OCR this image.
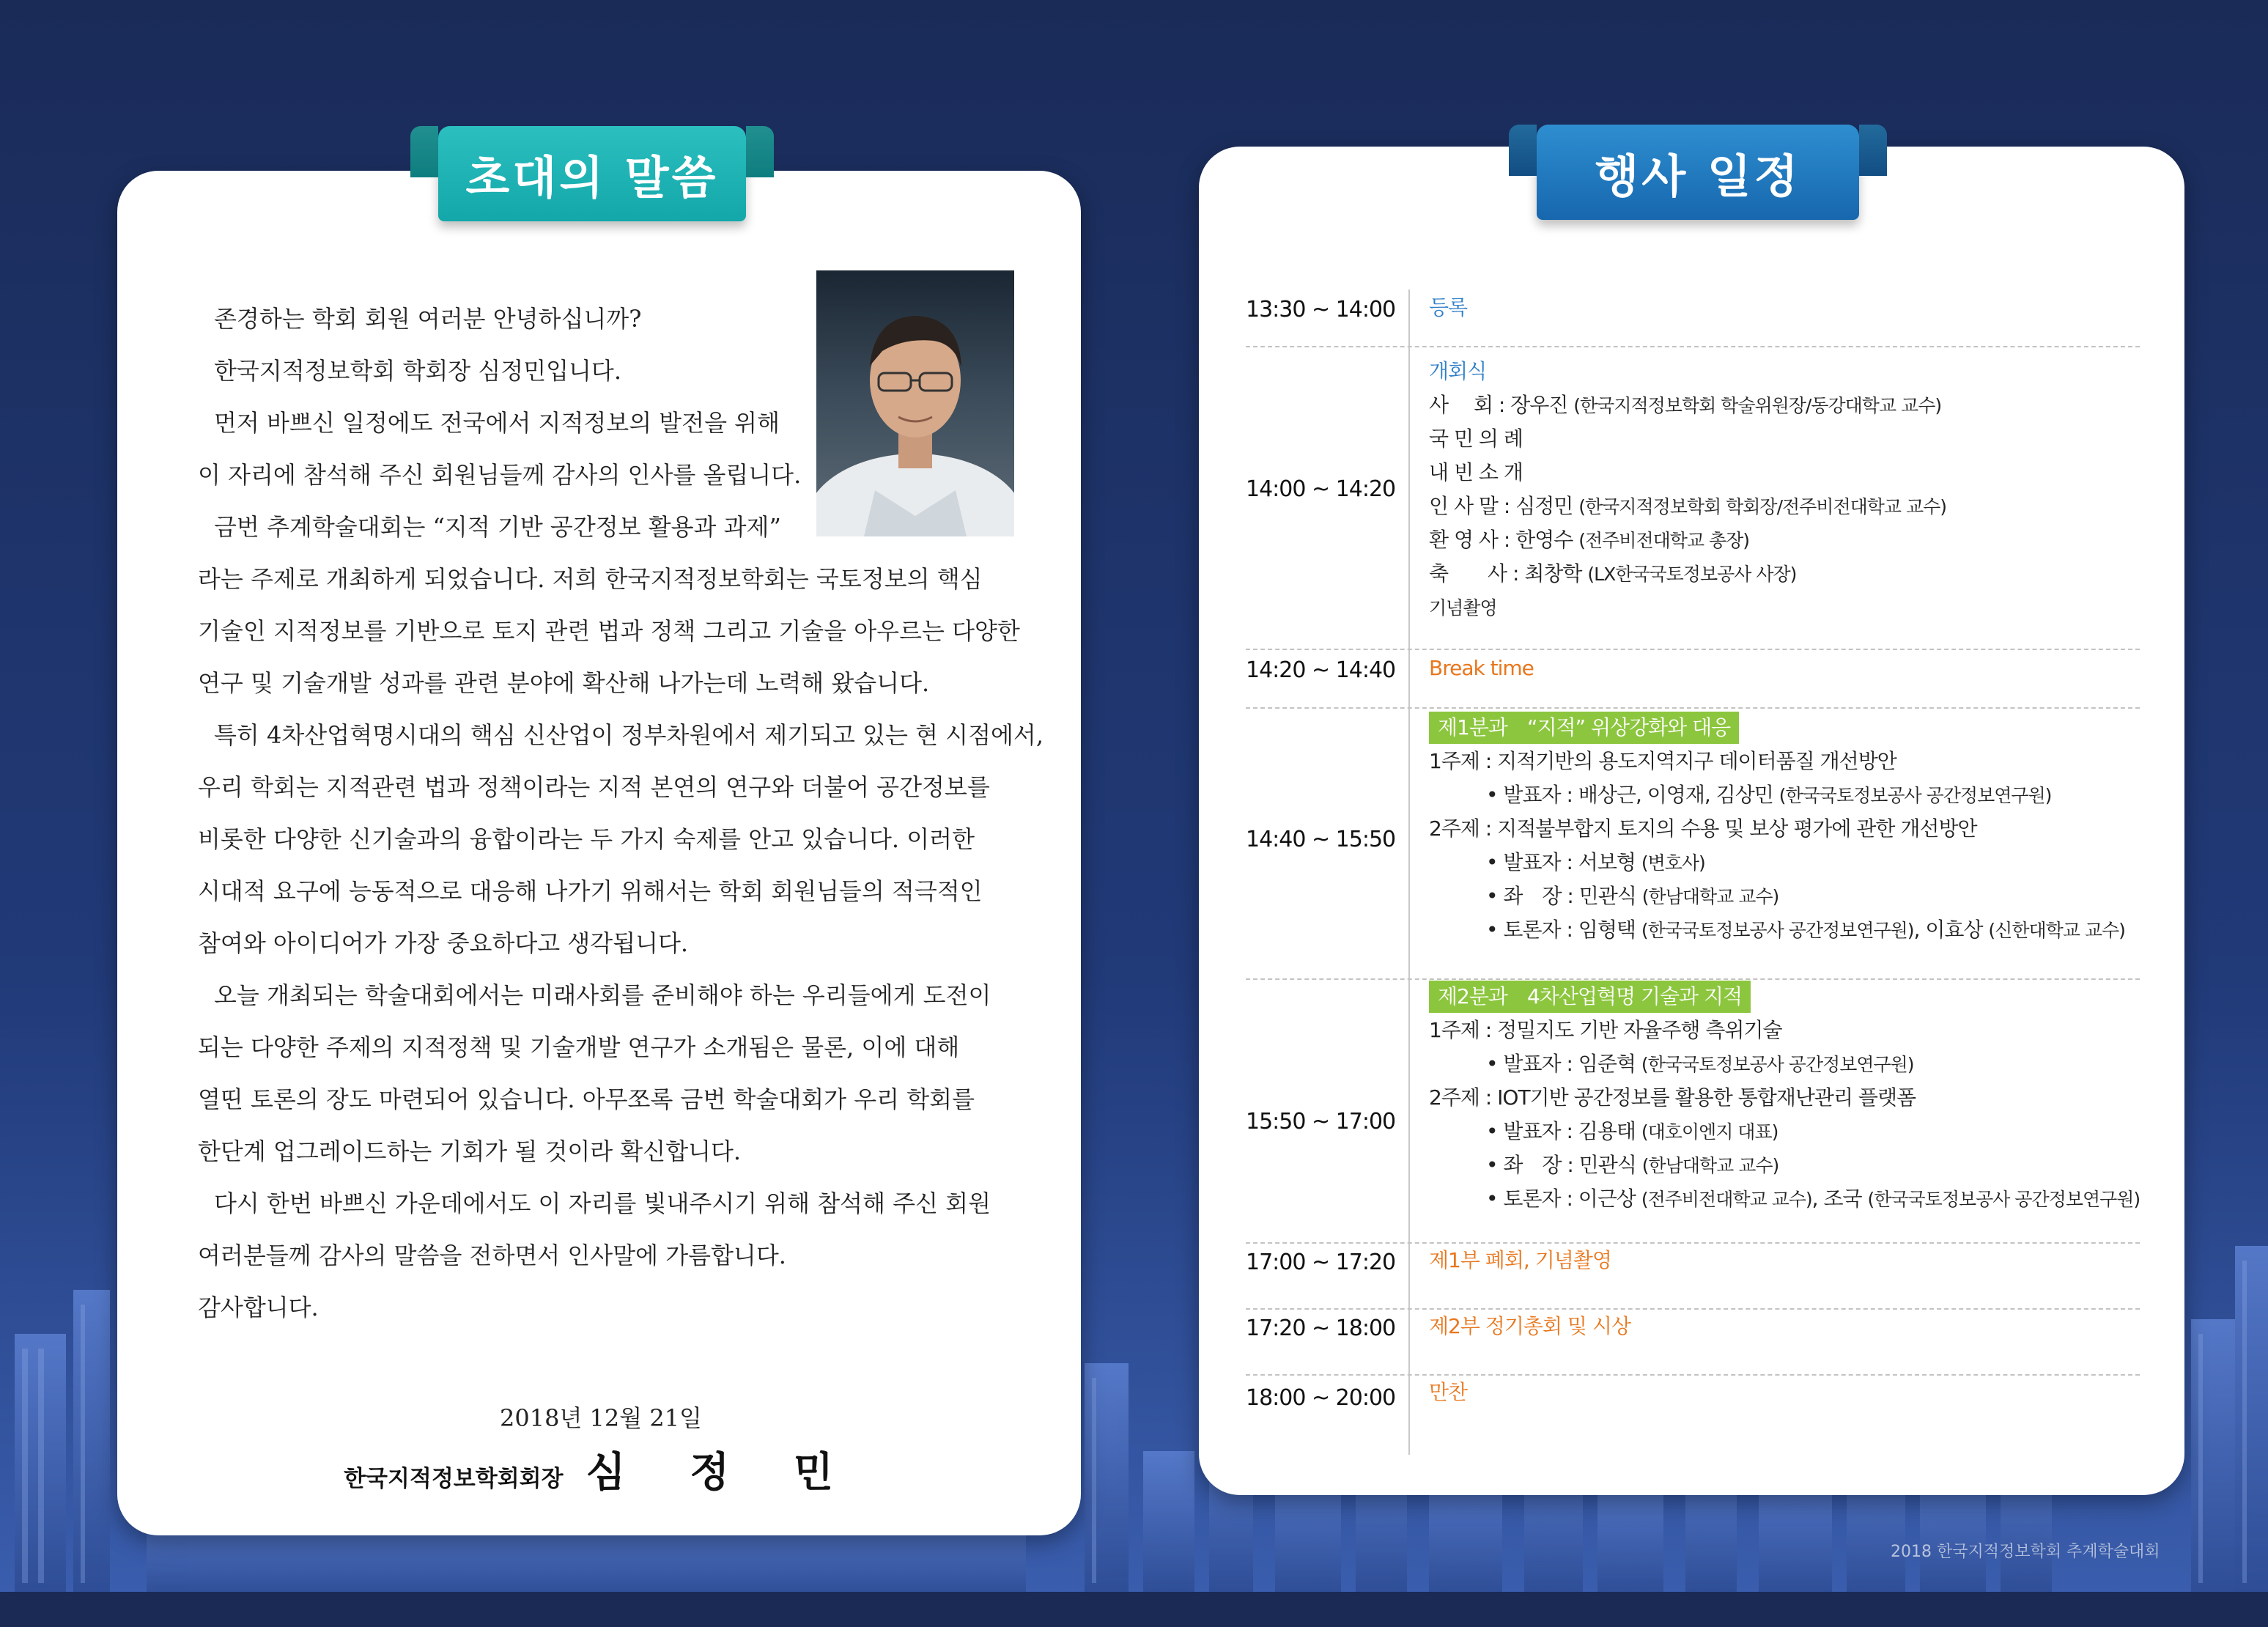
초대의 말씀

존경하는 학회 회원 여러분 안녕하십니까?

한국지적정보학회 학회장 심정민입니다.

먼저 바쁘신 일정에도 전국에서 지적정보의 발전을 위해

이 자리에 참석해 주신 회원님들께 감사의 인사를 올립니다.

금번 추계학술대회는 “지적 기반 공간정보 활용과 과제”

라는 주제로 개최하게 되었습니다. 저희 한국지적정보학회는 국토정보의 핵심

기술인 지적정보를 기반으로 토지 관련 법과 정책 그리고 기술을 아우르는 다양한

연구 및 기술개발 성과를 관련 분야에 확산해 나가는데 노력해 왔습니다.

특히 4차산업혁명시대의 핵심 신산업이 정부차원에서 제기되고 있는 현 시점에서,

우리 학회는 지적관련 법과 정책이라는 지적 본연의 연구와 더불어 공간정보를

비롯한 다양한 신기술과의 융합이라는 두 가지 숙제를 안고 있습니다. 이러한

시대적 요구에 능동적으로 대응해 나가기 위해서는 학회 회원님들의 적극적인

참여와 아이디어가 가장 중요하다고 생각됩니다.

오늘 개최되는 학술대회에서는 미래사회를 준비해야 하는 우리들에게 도전이

되는 다양한 주제의 지적정책 및 기술개발 연구가 소개됨은 물론, 이에 대해

열띤 토론의 장도 마련되어 있습니다. 아무쪼록 금번 학술대회가 우리 학회를

한단계 업그레이드하는 기회가 될 것이라 확신합니다.

다시 한번 바쁘신 가운데에서도 이 자리를 빛내주시기 위해 참석해 주신 회원

여러분들께 감사의 말씀을 전하면서 인사말에 가름합니다.

감사합니다.

2018년 12월 21일
한국지적정보학회회장 심 정 민
행사 일정
13:30 ~ 14:00 등록
14:00 ~ 14:20
개회식
사　 회 : 장우진 (한국지적정보학회 학술위원장/동강대학교 교수)
국 민 의 례
내 빈 소 개
인 사 말 : 심정민 (한국지적정보학회 학회장/전주비전대학교 교수)
환 영 사 : 한영수 (전주비전대학교 총장)
축　　사 : 최창학 (LX한국국토정보공사 사장)
기념촬영
14:20 ~ 14:40 Break time
14:40 ~ 15:50
제1분과　“지적” 위상강화와 대응
1주제 : 지적기반의 용도지역지구 데이터품질 개선방안
• 발표자 : 배상근, 이영재, 김상민 (한국국토정보공사 공간정보연구원)
2주제 : 지적불부합지 토지의 수용 및 보상 평가에 관한 개선방안
• 발표자 : 서보형 (변호사)
• 좌　장 : 민관식 (한남대학교 교수)
• 토론자 : 임형택 (한국국토정보공사 공간정보연구원), 이효상 (신한대학교 교수)
15:50 ~ 17:00
제2분과　4차산업혁명 기술과 지적
1주제 : 정밀지도 기반 자율주행 측위기술
• 발표자 : 임준혁 (한국국토정보공사 공간정보연구원)
2주제 : IOT기반 공간정보를 활용한 통합재난관리 플랫폼
• 발표자 : 김용태 (대호이엔지 대표)
• 좌　장 : 민관식 (한남대학교 교수)
• 토론자 : 이근상 (전주비전대학교 교수), 조국 (한국국토정보공사 공간정보연구원)
17:00 ~ 17:20 제1부 폐회, 기념촬영
17:20 ~ 18:00 제2부 정기총회 및 시상
18:00 ~ 20:00 만찬
2018 한국지적정보학회 추계학술대회
